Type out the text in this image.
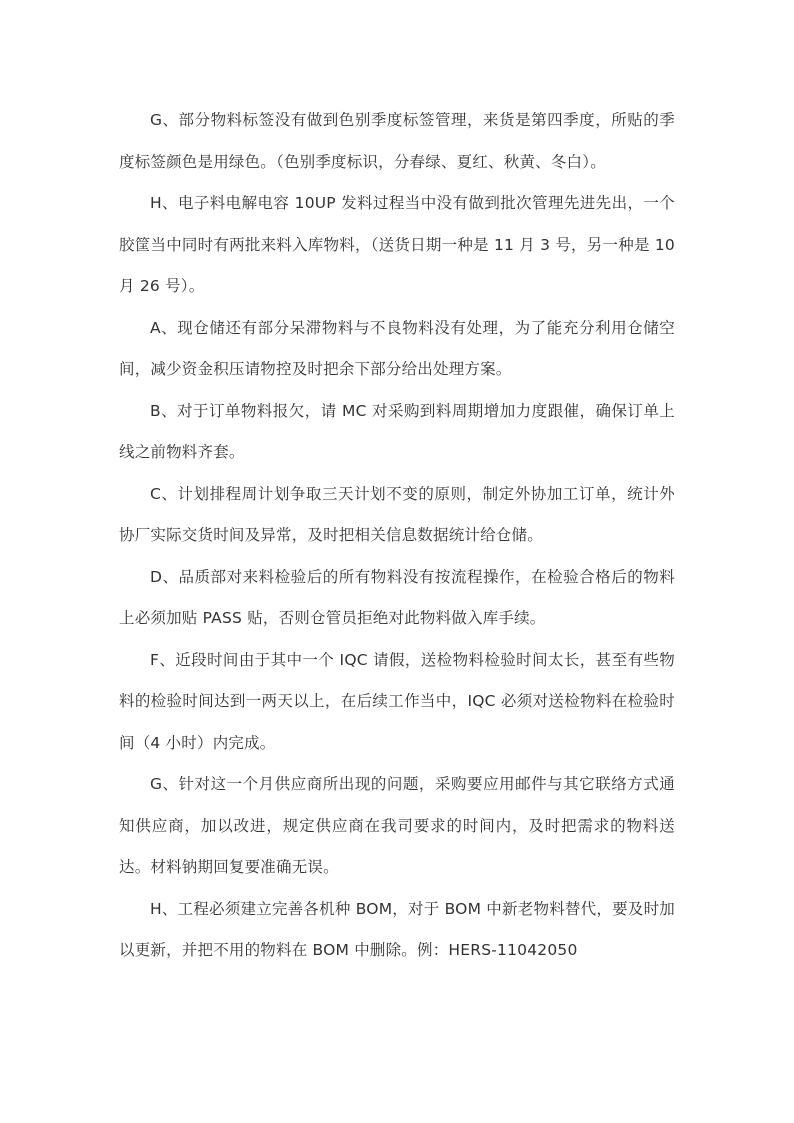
G、部分物料标签没有做到色别季度标签管理，来货是第四季度，所贴的季度标签颜色是用绿色。（色别季度标识，分春绿、夏红、秋黄、冬白）。

H、电子料电解电容 10UP 发料过程当中没有做到批次管理先进先出，一个胶筐当中同时有两批来料入库物料，（送货日期一种是 11 月 3 号，另一种是 10 月 26 号）。

A、现仓储还有部分呆滞物料与不良物料没有处理，为了能充分利用仓储空间，减少资金积压请物控及时把余下部分给出处理方案。

B、对于订单物料报欠，请 MC 对采购到料周期增加力度跟催，确保订单上线之前物料齐套。

C、计划排程周计划争取三天计划不变的原则，制定外协加工订单，统计外协厂实际交货时间及异常，及时把相关信息数据统计给仓储。

D、品质部对来料检验后的所有物料没有按流程操作，在检验合格后的物料上必须加贴 PASS 贴，否则仓管员拒绝对此物料做入库手续。

F、近段时间由于其中一个 IQC 请假，送检物料检验时间太长，甚至有些物料的检验时间达到一两天以上，在后续工作当中，IQC 必须对送检物料在检验时间（4 小时）内完成。

G、针对这一个月供应商所出现的问题，采购要应用邮件与其它联络方式通知供应商，加以改进，规定供应商在我司要求的时间内，及时把需求的物料送达。材料钠期回复要准确无误。

H、工程必须建立完善各机种 BOM，对于 BOM 中新老物料替代，要及时加以更新，并把不用的物料在 BOM 中删除。例：HERS-11042050
